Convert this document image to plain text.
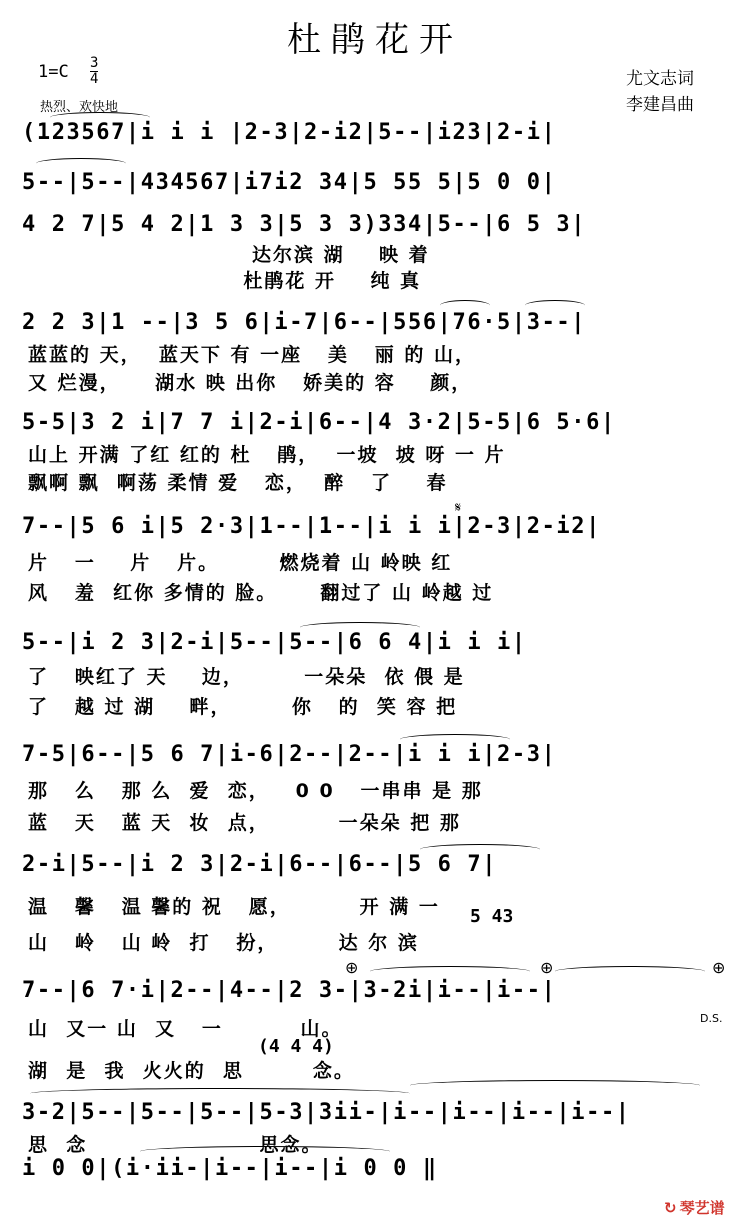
杜鹃花开
$1=C \frac{3}{4}$
热烈、欢快地
尤文志词
李建昌曲
(123567|i i i |2-3|2-i2|5--|i23|2-i|
5--|5--|434567|i7i2 34|5 55 5|5 0 0|
4 2 7|5 4 2|1 3 3|5 3 3)334|5--|6 5 3|
达尔滨 湖    映 着
杜鹃花 开    纯 真
2 2 3|1 --|3 5 6|i-7|6--|556|76·5|3--|
蓝蓝的 天，  蓝天下 有 一座   美   丽 的 山，
又 烂漫，    湖水 映 出你   娇美的 容    颜，
5-5|3 2 i|7 7 i|2-i|6--|4 3·2|5-5|6 5·6|
山上 开满 了红 红的 杜   鹃，  一坡  坡 呀 一 片
飘啊 飘  啊荡 柔情 爱   恋，  醉   了    春
7--|5 6 i|5 2·3|1--|1--|i i i|2-3|2-i2|
𝄋
片   一    片   片。       燃烧着 山 岭映 红
风   羞  红你 多情的 脸。     翻过了 山 岭越 过
5--|i 2 3|2-i|5--|5--|6 6 4|i i i|
了   映红了 天    边，       一朵朵  依 偎 是
了   越 过 湖    畔，       你   的  笑 容 把
7-5|6--|5 6 7|i-6|2--|2--|i i i|2-3|
那   么   那 么  爱  恋，   0 0   一串串 是 那
蓝   天   蓝 天  妆  点，        一朵朵 把 那
2-i|5--|i 2 3|2-i|6--|6--|5 6 7|
5 43
温   馨   温 馨的 祝   愿，        开 满 一
山   岭   山 岭  打   扮，       达 尔 滨
7--|6 7·i|2--|4--|2 3-|3-2i|i--|i--|
⊕	⊕	⊕
D.S.
山  又一 山  又   一         山。
(4 4 4)
湖  是  我  火火的  思        念。
3-2|5--|5--|5--|5-3|3ii-|i--|i--|i--|i--|
思  念                    思念。
i 0 0|(i·ii-|i--|i--|i 0 0 ‖
↻ 琴艺谱
